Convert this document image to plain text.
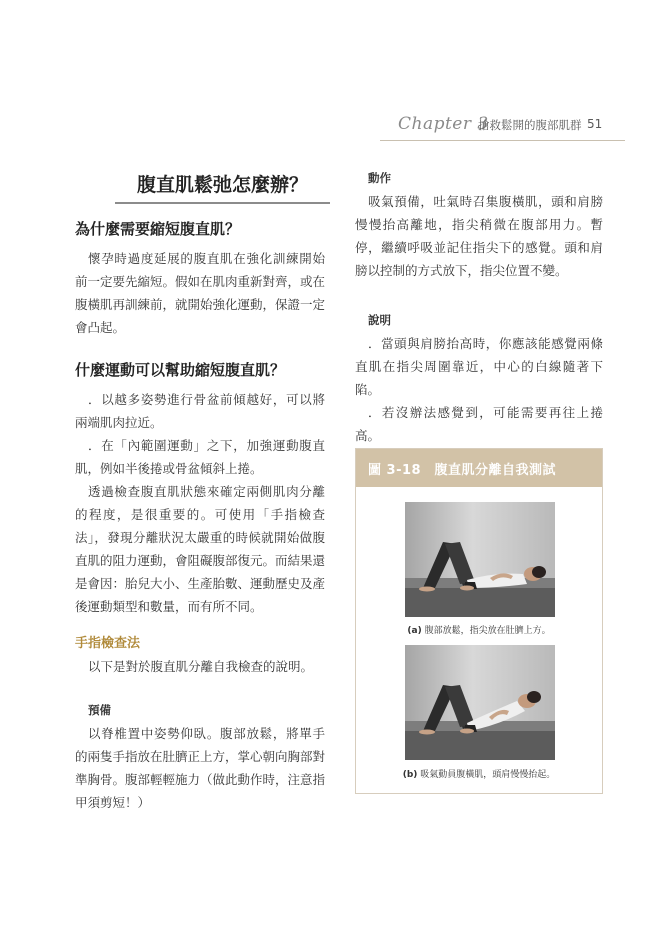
Chapter 3
搶救鬆開的腹部肌群 51
腹直肌鬆弛怎麼辦？
為什麼需要縮短腹直肌？

懷孕時過度延展的腹直肌在強化訓練開始前一定要先縮短。假如在肌肉重新對齊，或在腹橫肌再訓練前，就開始強化運動，保證一定會凸起。

什麼運動可以幫助縮短腹直肌？

．以越多姿勢進行骨盆前傾越好，可以將兩端肌肉拉近。

．在「內範圍運動」之下，加強運動腹直肌，例如半後捲或骨盆傾斜上捲。

透過檢查腹直肌狀態來確定兩側肌肉分離的程度，是很重要的。可使用「手指檢查法」，發現分離狀況太嚴重的時候就開始做腹直肌的阻力運動，會阻礙腹部復元。而結果還是會因：胎兒大小、生產胎數、運動歷史及產後運動類型和數量，而有所不同。

手指檢查法

以下是對於腹直肌分離自我檢查的說明。

預備

以脊椎置中姿勢仰臥。腹部放鬆，將單手的兩隻手指放在肚臍正上方，掌心朝向胸部對準胸骨。腹部輕輕施力（做此動作時，注意指甲須剪短！）

動作

吸氣預備，吐氣時召集腹橫肌，頭和肩膀慢慢抬高離地，指尖稍微在腹部用力。暫停，繼續呼吸並記住指尖下的感覺。頭和肩膀以控制的方式放下，指尖位置不變。

說明

．當頭與肩膀抬高時，你應該能感覺兩條直肌在指尖周圍靠近，中心的白線隨著下陷。

．若沒辦法感覺到，可能需要再往上捲高。

圖 3-18　腹直肌分離自我測試
(a) 腹部放鬆，指尖放在肚臍上方。
(b) 吸氣動員腹橫肌，頭肩慢慢抬起。
